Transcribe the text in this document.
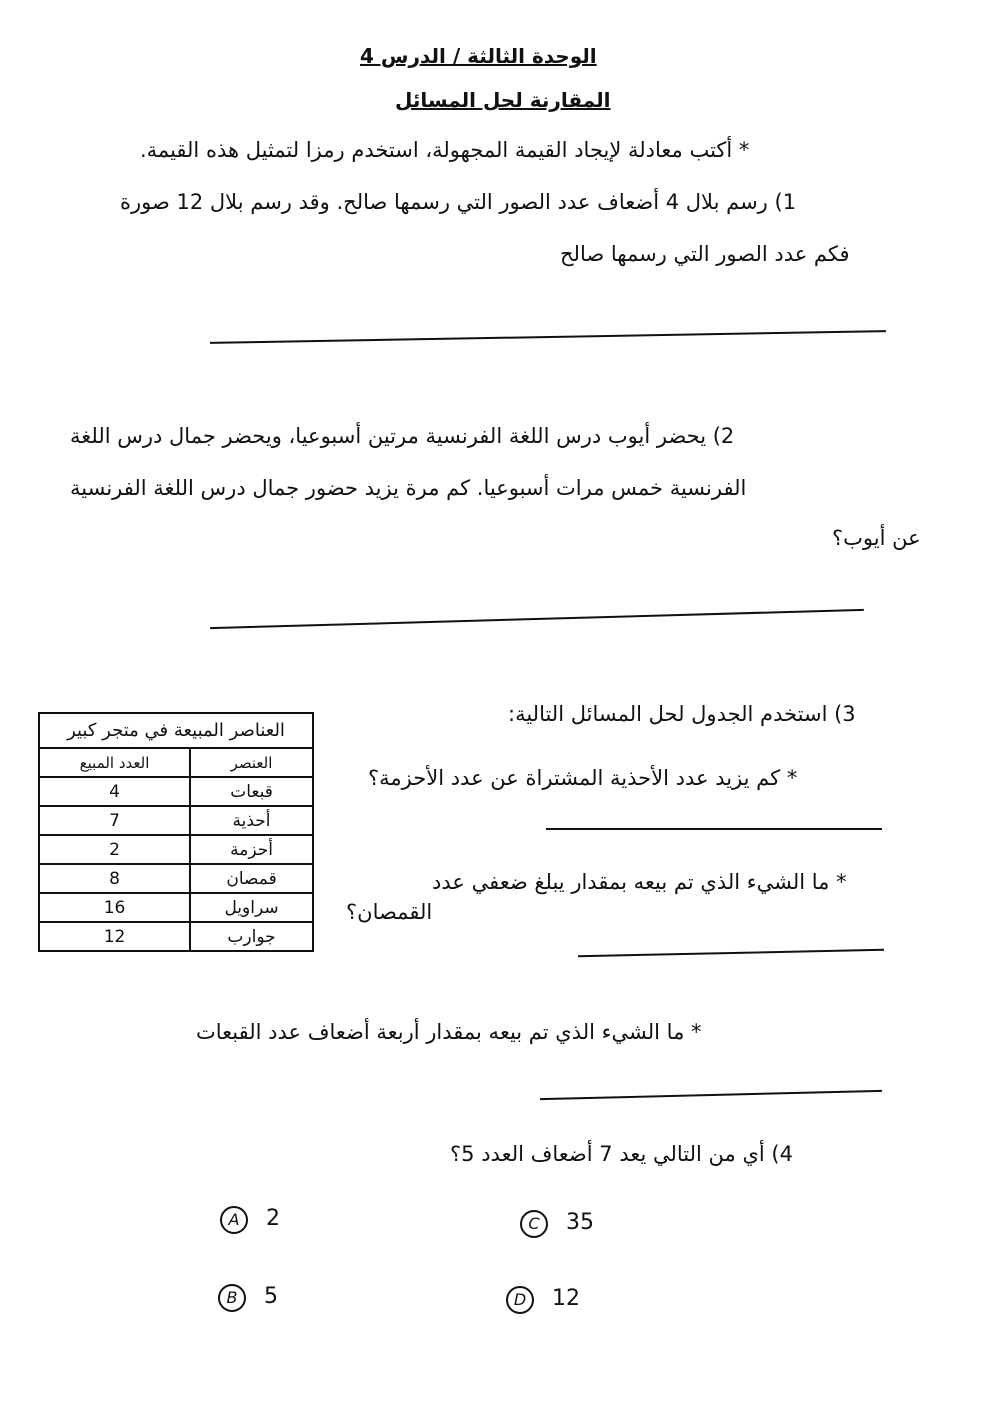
الوحدة الثالثة / الدرس 4
المقارنة لحل المسائل
* أكتب معادلة لإيجاد القيمة المجهولة، استخدم رمزا لتمثيل هذه القيمة.
1) رسم بلال 4 أضعاف عدد الصور التي رسمها صالح. وقد رسم بلال 12 صورة
فكم عدد الصور التي رسمها صالح
2) يحضر أيوب درس اللغة الفرنسية مرتين أسبوعيا، ويحضر جمال درس اللغة
الفرنسية خمس مرات أسبوعيا. كم مرة يزيد حضور جمال درس اللغة الفرنسية
عن أيوب؟
3) استخدم الجدول لحل المسائل التالية:
العناصر المبيعة في متجر كبير
العنصر	العدد المبيع
قبعات	4
أحذية	7
أحزمة	2
قمصان	8
سراويل	16
جوارب	12
* كم يزيد عدد الأحذية المشتراة عن عدد الأحزمة؟
* ما الشيء الذي تم بيعه بمقدار يبلغ ضعفي عدد
القمصان؟
* ما الشيء الذي تم بيعه بمقدار أربعة أضعاف عدد القبعات
4) أي من التالي يعد 7 أضعاف العدد 5؟
A 2	C 35
B 5	D 12
